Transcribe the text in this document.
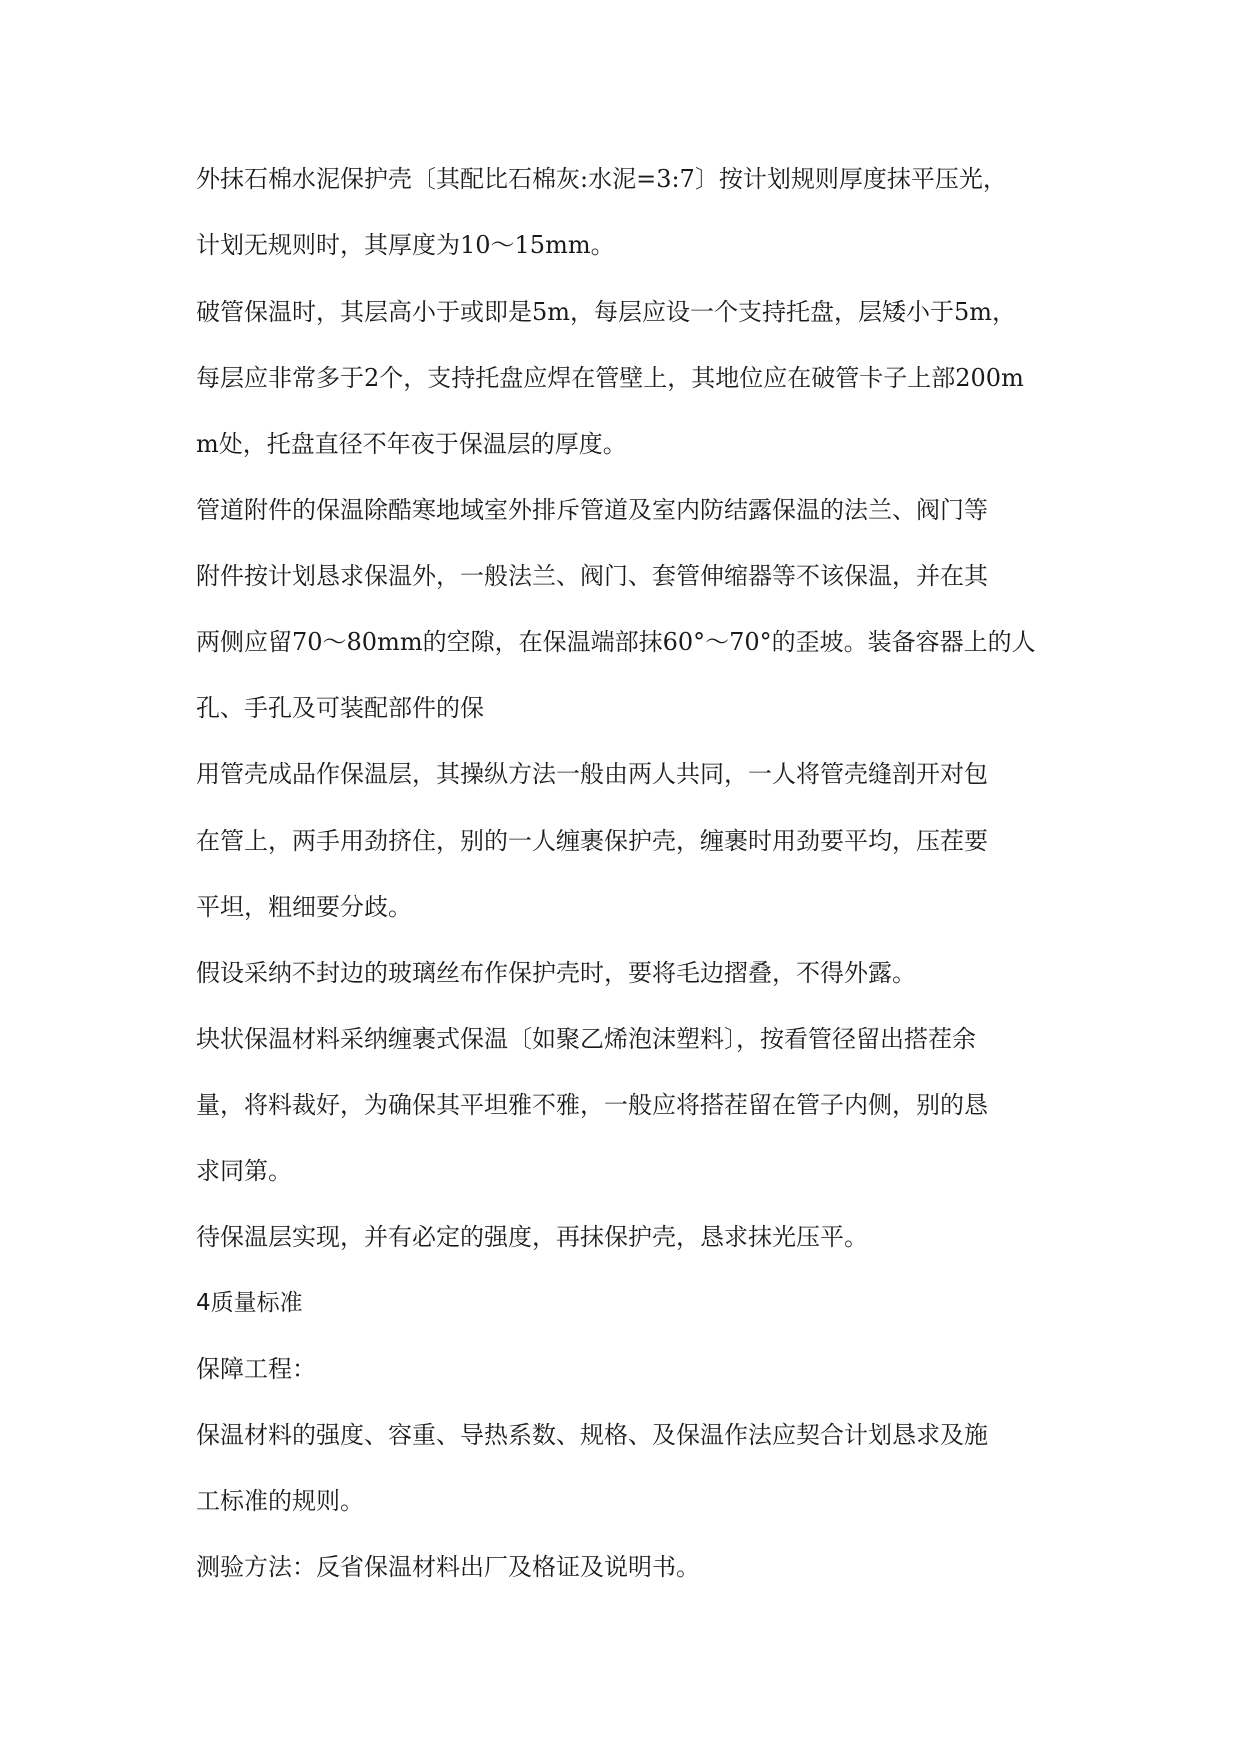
外抹石棉水泥保护壳〔其配比石棉灰:水泥=3:7〕按计划规则厚度抹平压光，

计划无规则时，其厚度为10～15mm。

破管保温时，其层高小于或即是5m，每层应设一个支持托盘，层矮小于5m，

每层应非常多于2个，支持托盘应焊在管壁上，其地位应在破管卡子上部200m

m处，托盘直径不年夜于保温层的厚度。

管道附件的保温除酷寒地域室外排斥管道及室内防结露保温的法兰、阀门等

附件按计划恳求保温外，一般法兰、阀门、套管伸缩器等不该保温，并在其

两侧应留70～80mm的空隙，在保温端部抹60°～70°的歪坡。装备容器上的人

孔、手孔及可装配部件的保

用管壳成品作保温层，其操纵方法一般由两人共同，一人将管壳缝剖开对包

在管上，两手用劲挤住，别的一人缠裹保护壳，缠裹时用劲要平均，压茬要

平坦，粗细要分歧。

假设采纳不封边的玻璃丝布作保护壳时，要将毛边摺叠，不得外露。

块状保温材料采纳缠裹式保温〔如聚乙烯泡沫塑料〕，按看管径留出搭茬余

量，将料裁好，为确保其平坦雅不雅，一般应将搭茬留在管子内侧，别的恳

求同第。

待保温层实现，并有必定的强度，再抹保护壳，恳求抹光压平。

4质量标准

保障工程：

保温材料的强度、容重、导热系数、规格、及保温作法应契合计划恳求及施

工标准的规则。

测验方法：反省保温材料出厂及格证及说明书。
